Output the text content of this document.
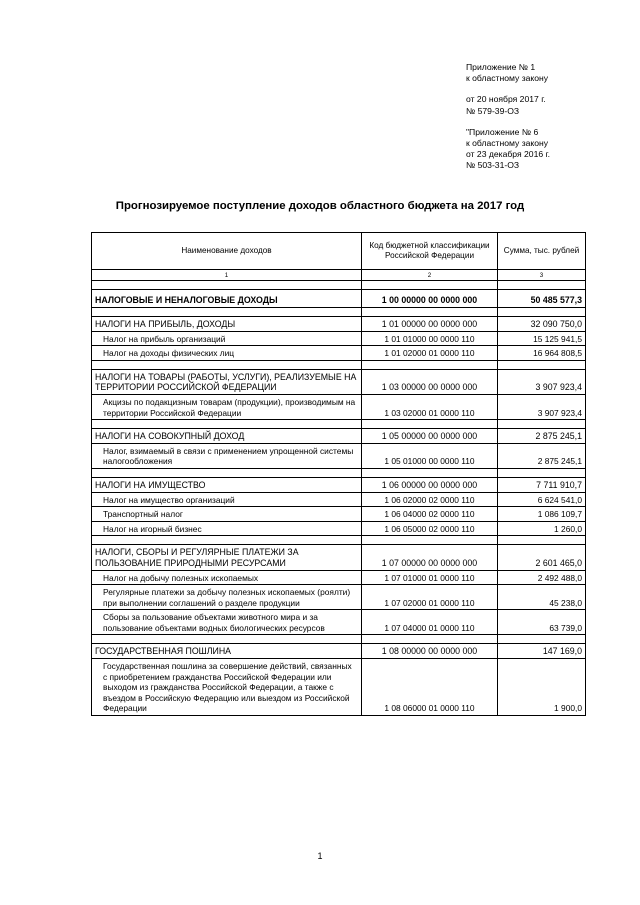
Приложение № 1
к областному закону
от 20 ноября 2017 г.
№ 579-39-ОЗ
"Приложение № 6
к областному закону
от 23 декабря 2016 г.
№ 503-31-ОЗ
Прогнозируемое поступление доходов областного бюджета на 2017 год
Наименование доходов	Код бюджетной классификации Российской Федерации	Сумма, тыс. рублей
1	2	3

НАЛОГОВЫЕ И НЕНАЛОГОВЫЕ ДОХОДЫ	1 00 00000 00 0000 000	50 485 577,3

НАЛОГИ НА ПРИБЫЛЬ, ДОХОДЫ	1 01 00000 00 0000 000	32 090 750,0
Налог на прибыль организаций	1 01 01000 00 0000 110	15 125 941,5
Налог на доходы физических лиц	1 01 02000 01 0000 110	16 964 808,5

НАЛОГИ НА ТОВАРЫ (РАБОТЫ, УСЛУГИ), РЕАЛИЗУЕМЫЕ НА ТЕРРИТОРИИ РОССИЙСКОЙ ФЕДЕРАЦИИ	1 03 00000 00 0000 000	3 907 923,4
Акцизы по подакцизным товарам (продукции), производимым на территории Российской Федерации	1 03 02000 01 0000 110	3 907 923,4

НАЛОГИ НА СОВОКУПНЫЙ ДОХОД	1 05 00000 00 0000 000	2 875 245,1
Налог, взимаемый в связи с применением упрощенной системы налогообложения	1 05 01000 00 0000 110	2 875 245,1

НАЛОГИ НА ИМУЩЕСТВО	1 06 00000 00 0000 000	7 711 910,7
Налог на имущество организаций	1 06 02000 02 0000 110	6 624 541,0
Транспортный налог	1 06 04000 02 0000 110	1 086 109,7
Налог на игорный бизнес	1 06 05000 02 0000 110	1 260,0

НАЛОГИ, СБОРЫ И РЕГУЛЯРНЫЕ ПЛАТЕЖИ ЗА ПОЛЬЗОВАНИЕ ПРИРОДНЫМИ РЕСУРСАМИ	1 07 00000 00 0000 000	2 601 465,0
Налог на добычу полезных ископаемых	1 07 01000 01 0000 110	2 492 488,0
Регулярные платежи за добычу полезных ископаемых (роялти) при выполнении соглашений о разделе продукции	1 07 02000 01 0000 110	45 238,0
Сборы за пользование объектами животного мира и за пользование объектами водных биологических ресурсов	1 07 04000 01 0000 110	63 739,0

ГОСУДАРСТВЕННАЯ ПОШЛИНА	1 08 00000 00 0000 000	147 169,0
Государственная пошлина за совершение действий, связанных с приобретением гражданства Российской Федерации или выходом из гражданства Российской Федерации, а также с въездом в Российскую Федерацию или выездом из Российской Федерации	1 08 06000 01 0000 110	1 900,0
1
